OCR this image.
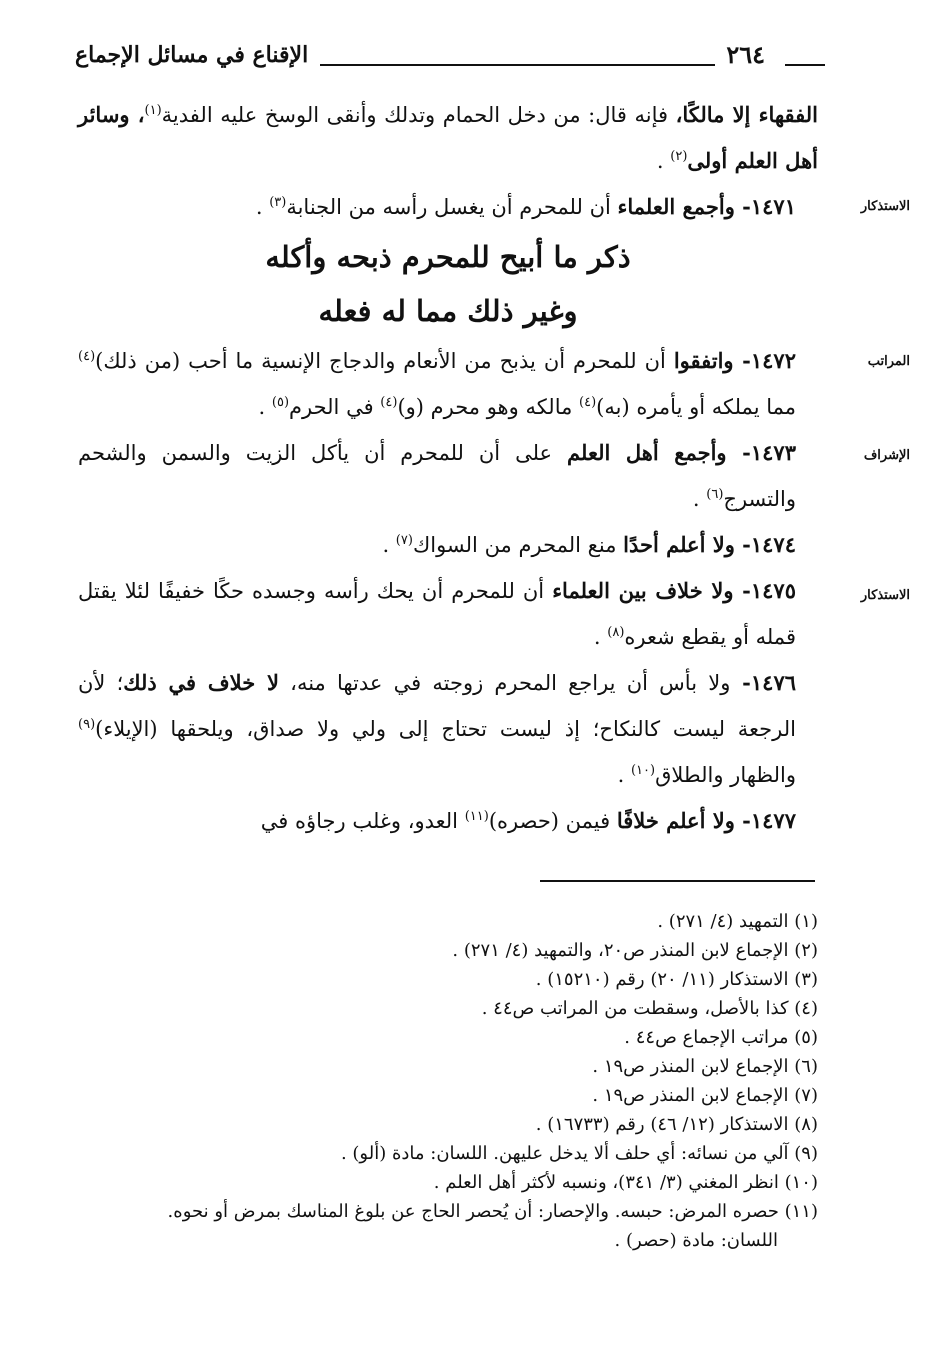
٢٦٤
الإقناع في مسائل الإجماع
الاستذكار
المراتب
الإشراف
الاستذكار

الفقهاء إلا مالكًا، فإنه قال: من دخل الحمام وتدلك وأنقى الوسخ عليه الفدية$^{(١)}$، وسائر أهل العلم أولى$^{(٢)}$ .

١٤٧١- وأجمع العلماء أن للمحرم أن يغسل رأسه من الجنابة$^{(٣)}$ .

ذكر ما أبيح للمحرم ذبحه وأكله
وغير ذلك مما له فعله

١٤٧٢- واتفقوا أن للمحرم أن يذبح من الأنعام والدجاج الإنسية ما أحب (من ذلك)$^{(٤)}$ مما يملكه أو يأمره (به)$^{(٤)}$ مالكه وهو محرم (و)$^{(٤)}$ في الحرم$^{(٥)}$ .

١٤٧٣- وأجمع أهل العلم على أن للمحرم أن يأكل الزيت والسمن والشحم والتسرج$^{(٦)}$ .

١٤٧٤- ولا أعلم أحدًا منع المحرم من السواك$^{(٧)}$ .

١٤٧٥- ولا خلاف بين العلماء أن للمحرم أن يحك رأسه وجسده حكًا خفيفًا لئلا يقتل قمله أو يقطع شعره$^{(٨)}$ .

١٤٧٦- ولا بأس أن يراجع المحرم زوجته في عدتها منه، لا خلاف في ذلك؛ لأن الرجعة ليست كالنكاح؛ إذ ليست تحتاج إلى ولي ولا صداق، ويلحقها (الإيلاء)$^{(٩)}$ والظهار والطلاق$^{(١٠)}$ .

١٤٧٧- ولا أعلم خلافًا فيمن (حصره)$^{(١١)}$ العدو، وغلب رجاؤه في

(١) التمهيد (٤/ ٢٧١) .

(٢) الإجماع لابن المنذر ص٢٠، والتمهيد (٤/ ٢٧١) .

(٣) الاستذكار (١١/ ٢٠) رقم (١٥٢١٠) .

(٤) كذا بالأصل، وسقطت من المراتب ص٤٤ .

(٥) مراتب الإجماع ص٤٤ .

(٦) الإجماع لابن المنذر ص١٩ .

(٧) الإجماع لابن المنذر ص١٩ .

(٨) الاستذكار (١٢/ ٤٦) رقم (١٦٧٣٣) .

(٩) آلي من نسائه: أي حلف ألا يدخل عليهن. اللسان: مادة (ألو) .

(١٠) انظر المغني (٣/ ٣٤١)، ونسبه لأكثر أهل العلم .

(١١) حصره المرض: حبسه. والإحصار: أن يُحصر الحاج عن بلوغ المناسك بمرض أو نحوه.

اللسان: مادة (حصر) .
